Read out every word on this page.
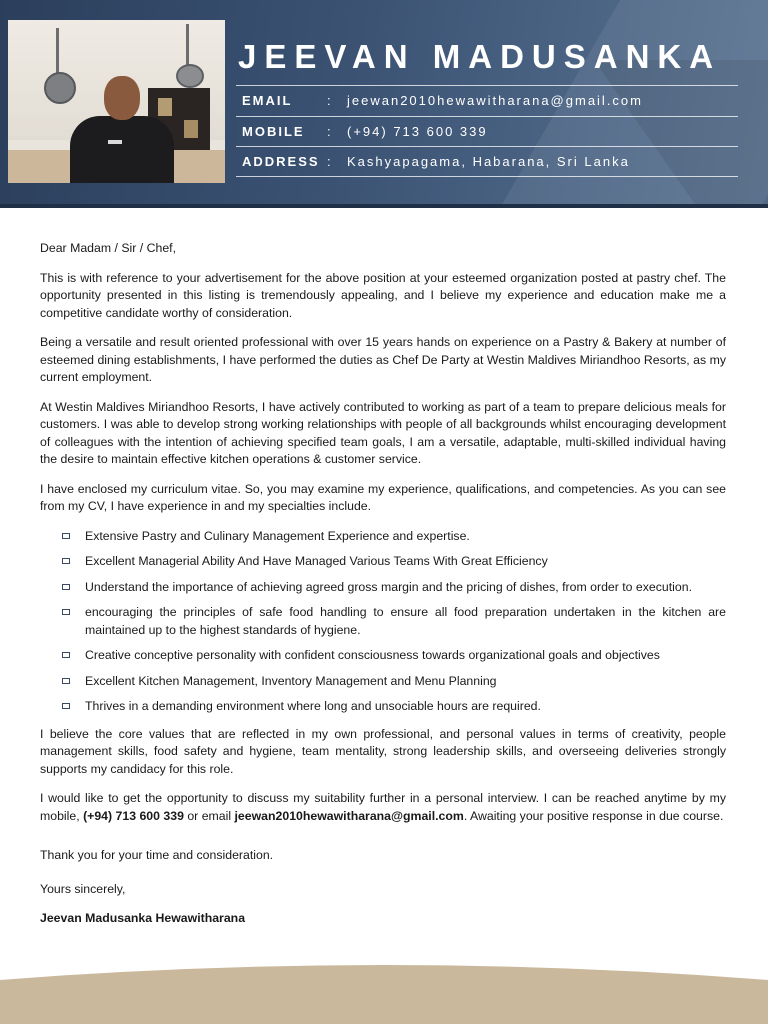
JEEVAN MADUSANKA
EMAIL	: jeewan2010hewawitharana@gmail.com
MOBILE : (+94) 713 600 339
ADDRESS : Kashyapagama, Habarana, Sri Lanka

Dear Madam / Sir / Chef,

This is with reference to your advertisement for the above position at your esteemed organization posted at pastry chef. The opportunity presented in this listing is tremendously appealing, and I believe my experience and education make me a competitive candidate worthy of consideration.

Being a versatile and result oriented professional with over 15 years hands on experience on a Pastry & Bakery at number of esteemed dining establishments, I have performed the duties as Chef De Party at Westin Maldives Miriandhoo Resorts, as my current employment.

At Westin Maldives Miriandhoo Resorts, I have actively contributed to working as part of a team to prepare delicious meals for customers. I was able to develop strong working relationships with people of all backgrounds whilst encouraging development of colleagues with the intention of achieving specified team goals, I am a versatile, adaptable, multi-skilled individual having the desire to maintain effective kitchen operations & customer service.

I have enclosed my curriculum vitae. So, you may examine my experience, qualifications, and competencies. As you can see from my CV, I have experience in and my specialties include.

Extensive Pastry and Culinary Management Experience and expertise.
Excellent Managerial Ability And Have Managed Various Teams With Great Efficiency
Understand the importance of achieving agreed gross margin and the pricing of dishes, from order to execution.
encouraging the principles of safe food handling to ensure all food preparation undertaken in the kitchen are maintained up to the highest standards of hygiene.
Creative conceptive personality with confident consciousness towards organizational goals and objectives
Excellent Kitchen Management, Inventory Management and Menu Planning
Thrives in a demanding environment where long and unsociable hours are required.

I believe the core values that are reflected in my own professional, and personal values in terms of creativity, people management skills, food safety and hygiene, team mentality, strong leadership skills, and overseeing deliveries strongly supports my candidacy for this role.

I would like to get the opportunity to discuss my suitability further in a personal interview. I can be reached anytime by my mobile, (+94) 713 600 339 or email jeewan2010hewawitharana@gmail.com. Awaiting your positive response in due course.

Thank you for your time and consideration.

Yours sincerely,

Jeevan Madusanka Hewawitharana
